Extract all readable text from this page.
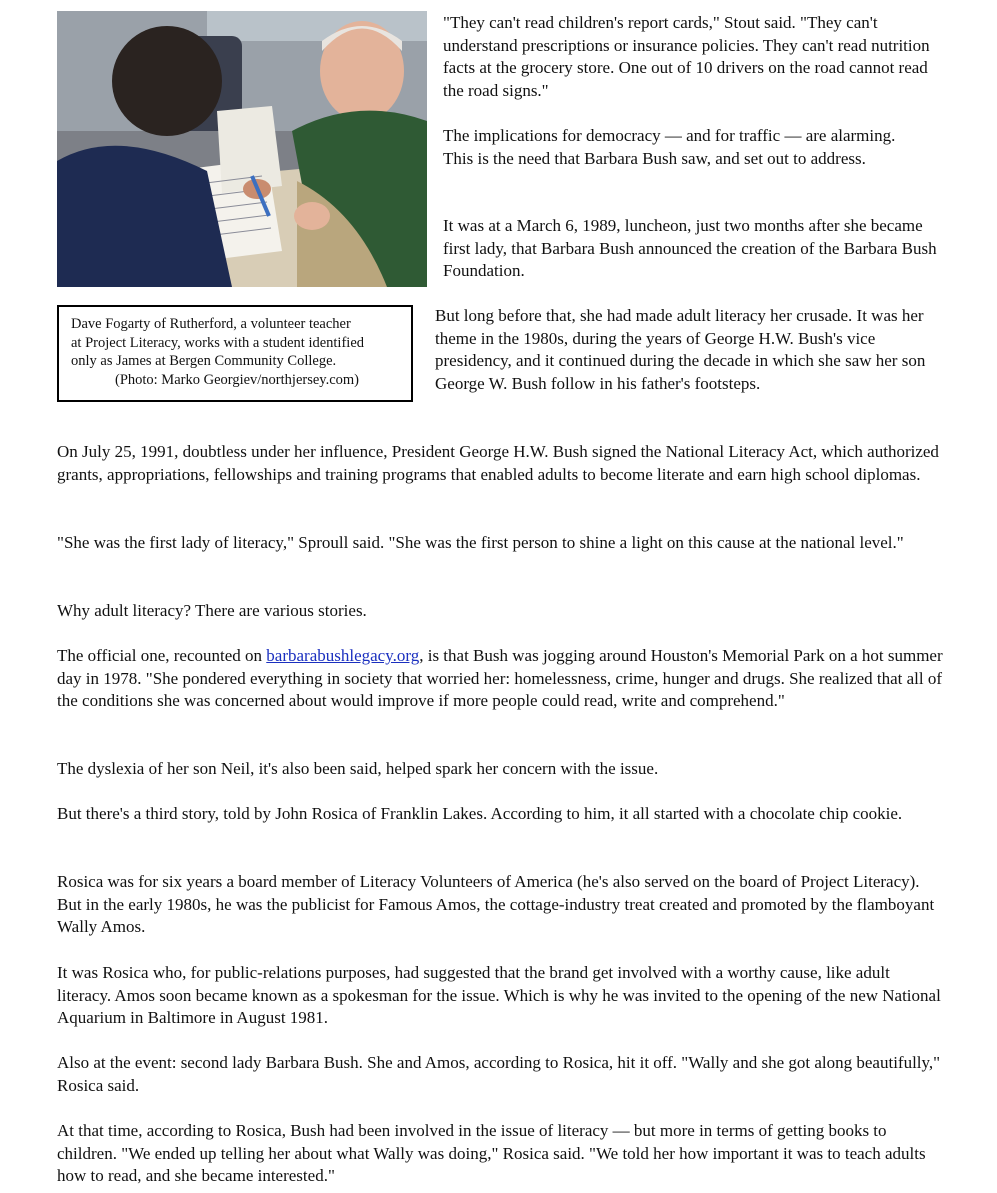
Dave Fogarty of Rutherford, a volunteer teacher

at Project Literacy, works with a student identified

only as James at Bergen Community College.

(Photo: Marko Georgiev/northjersey.com)

"They can't read children's report cards," Stout said. "They can't understand prescriptions or insurance policies. They can't read nutrition facts at the grocery store. One out of 10 drivers on the road cannot read the road signs."

The implications for democracy — and for traffic — are alarming. This is the need that Barbara Bush saw, and set out to address.

It was at a March 6, 1989, luncheon, just two months after she became first lady, that Barbara Bush announced the creation of the Barbara Bush Foundation.

But long before that, she had made adult literacy her crusade. It was her theme in the 1980s, during the years of George H.W. Bush's vice presidency, and it continued during the decade in which she saw her son George W. Bush follow in his father's footsteps.

On July 25, 1991, doubtless under her influence, President George H.W. Bush signed the National Literacy Act, which authorized grants, appropriations, fellowships and training programs that enabled adults to become literate and earn high school diplomas.

"She was the first lady of literacy," Sproull said. "She was the first person to shine a light on this cause at the national level."

Why adult literacy? There are various stories.

The official one, recounted on barbarabushlegacy.org, is that Bush was jogging around Houston's Memorial Park on a hot summer day in 1978. "She pondered everything in society that worried her: homelessness, crime, hunger and drugs. She realized that all of the conditions she was concerned about would improve if more people could read, write and comprehend."

The dyslexia of her son Neil, it's also been said, helped spark her concern with the issue.

But there's a third story, told by John Rosica of Franklin Lakes. According to him, it all started with a chocolate chip cookie.

Rosica was for six years a board member of Literacy Volunteers of America (he's also served on the board of Project Literacy). But in the early 1980s, he was the publicist for Famous Amos, the cottage-industry treat created and promoted by the flamboyant Wally Amos.

It was Rosica who, for public-relations purposes, had suggested that the brand get involved with a worthy cause, like adult literacy. Amos soon became known as a spokesman for the issue. Which is why he was invited to the opening of the new National Aquarium in Baltimore in August 1981.

Also at the event: second lady Barbara Bush. She and Amos, according to Rosica, hit it off. "Wally and she got along beautifully," Rosica said.

At that time, according to Rosica, Bush had been involved in the issue of literacy — but more in terms of getting books to children. "We ended up telling her about what Wally was doing," Rosica said. "We told her how important it was to teach adults how to read, and she became interested."
